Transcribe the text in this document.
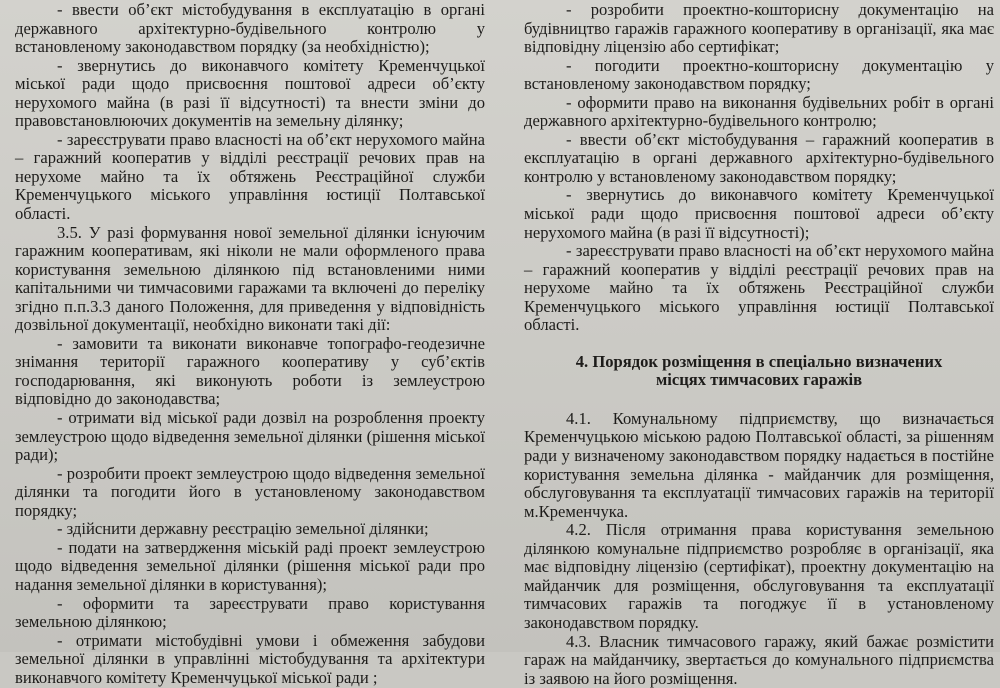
- ввести об’єкт містобудування в експлуатацію в органі державного архітектурно-будівельного контролю у встановленому законодавством порядку (за необхідністю);

- звернутись до виконавчого комітету Кременчуцької міської ради щодо присвоєння поштової адреси об’єкту нерухомого майна (в разі її відсутності) та внести зміни до правовстановлюючих документів на земельну ділянку;

- зареєструвати право власності на об’єкт нерухомого майна – гаражний кооператив у відділі реєстрації речових прав на нерухоме майно та їх обтяжень Реєстраційної служби Кременчуцького міського управління юстиції Полтавської області.

3.5. У разі формування нової земельної ділянки існуючим гаражним кооперативам, які ніколи не мали оформленого права користування земельною ділянкою під встановленими ними капітальними чи тимчасовими гаражами та включені до переліку згідно п.п.3.3 даного Положення, для приведення у відповідність дозвільної документації, необхідно виконати такі дії:

- замовити та виконати виконавче топографо-геодезичне знімання території гаражного кооперативу у суб’єктів господарювання, які виконують роботи із землеустрою відповідно до законодавства;

- отримати від міської ради дозвіл на розроблення проекту землеустрою щодо відведення земельної ділянки (рішення міської ради);

- розробити проект землеустрою щодо відведення земельної ділянки та погодити його в установленому законодавством порядку;

- здійснити державну реєстрацію земельної ділянки;

- подати на затвердження міській раді проект землеустрою щодо відведення земельної ділянки (рішення міської ради про надання земельної ділянки в користування);

- оформити та зареєструвати право користування земельною ділянкою;

- отримати містобудівні умови і обмеження забудови земельної ділянки в управлінні містобудування та архітектури виконавчого комітету Кременчуцької міської ради ;

- розробити проектно-кошторисну документацію на будівництво гаражів гаражного кооперативу в організації, яка має відповідну ліцензію або сертифікат;

- погодити проектно-кошторисну документацію у встановленому законодавством порядку;

- оформити право на виконання будівельних робіт в органі державного архітектурно-будівельного контролю;

- ввести об’єкт містобудування – гаражний кооператив в експлуатацію в органі державного архітектурно-будівельного контролю у встановленому законодавством порядку;

- звернутись до виконавчого комітету Кременчуцької міської ради щодо присвоєння поштової адреси об’єкту нерухомого майна (в разі її відсутності);

- зареєструвати право власності на об’єкт нерухомого майна – гаражний кооператив у відділі реєстрації речових прав на нерухоме майно та їх обтяжень Реєстраційної служби Кременчуцького міського управління юстиції Полтавської області.

4. Порядок розміщення в спеціально визначених

місцях тимчасових гаражів

4.1. Комунальному підприємству, що визначається Кременчуцькою міською радою Полтавської області, за рішенням ради у визначеному законодавством порядку надається в постійне користування земельна ділянка - майданчик для розміщення, обслуговування та експлуатації тимчасових гаражів на території м.Кременчука.

4.2. Після отримання права користування земельною ділянкою комунальне підприємство розробляє в організації, яка має відповідну ліцензію (сертифікат), проектну документацію на майданчик для розміщення, обслуговування та експлуатації тимчасових гаражів та погоджує її в установленому законодавством порядку.

4.3. Власник тимчасового гаражу, який бажає розмістити гараж на майданчику, звертається до комунального підприємства із заявою на його розміщення.
